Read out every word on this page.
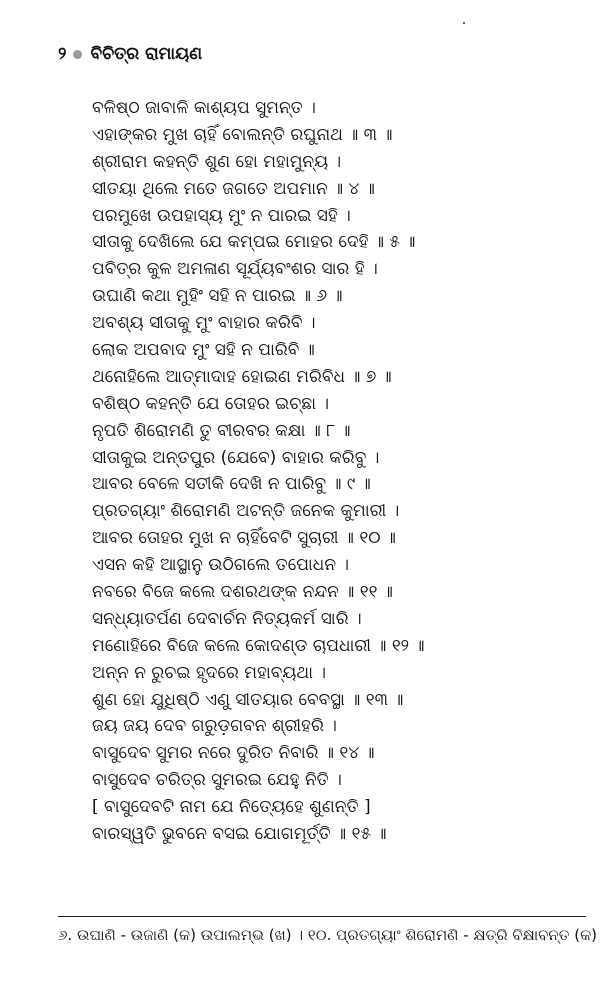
୨ ବିଚିତ୍ର ରାମାୟଣ
ବଳିଷ୍ଠ ଜାବାଳି କାଶ୍ୟପ ସୁମନ୍ତ ।
ଏହାଙ୍କର ମୁଖ ଚାହିଁ ବୋଲନ୍ତି ରଘୁନାଥ ॥ ୩ ॥
ଶ୍ରୀରାମ କହନ୍ତି ଶୁଣ ହୋ ମହାମୁନ୍ୟ ।
ସୀତୟା ଥିଲେ ମତେ ଜଗତେ ଅପମାନ ॥ ୪ ॥
ପରମୁଖେ ଉପହାସ୍ୟ ମୁଂ ନ ପାରଇ ସହି ।
ସୀତାକୁ ଦେଖିଲେ ଯେ କମ୍ପଇ ମୋହର ଦେହି ॥ ୫ ॥
ପବିତ୍ର କୁଳ ଅମଳାଣ ସୂର୍ଯ୍ୟବଂଶର ସାର ହି ।
ଉଘାଣି କଥା ମୁହିଂ ସହି ନ ପାରଇ ॥ ୬ ॥
ଅବଶ୍ୟ ସୀତାକୁ ମୁଂ ବାହାର କରିବି ।
ଲୋକ ଅପବାଦ ମୁଂ ସହି ନ ପାରିବି ॥
ଥନୋହିଲେ ଆତ୍ମାଦାହ ହୋଇଣ ମରିବିଧ ॥ ୭ ॥
ବଶିଷ୍ଠ କହନ୍ତି ଯେ ତୋହର ଇଚ୍ଛା ।
ନୃପତି ଶିରୋମଣି ତୁ ବୀରବର କକ୍ଷା ॥ ୮ ॥
ସୀତାକୁଇ ଅନ୍ତପୁର (ଯେବେ) ବାହାର କରିବୁ ।
ଆବର ବେଳେ ସତୀକି ଦେଖି ନ ପାରିବୁ ॥ ୯ ॥
ପ୍ରତଗ୍ୟାଂ ଶିରୋମଣି ଅଟନ୍ତି ଜନେକ କୁମାରୀ ।
ଆବର ତୋହର ମୁଖ ନ ଚାହିଁବେଟି ସୁଚାରୀ ॥ ୧୦ ॥
ଏସନ କହି ଆସ୍ଥାନୁ ଉଠିଗଲେ ତପୋଧନ ।
ନବରେ ବିଜେ କଲେ ଦଶରଥଙ୍କ ନନ୍ଦନ ॥ ୧୧ ॥
ସନ୍ଧ୍ୟାତର୍ପଣ ଦେବାର୍ଚନ ନିତ୍ୟକର୍ମ ସାରି ।
ମଣୋହିରେ ବିଜେ କଲେ କୋଦଣ୍ଡ ଚାପଧାରୀ ॥ ୧୨ ॥
ଅନ୍ନ ନ ରୁଚଇ ହୃଦରେ ମହାବ୍ୟଥା ।
ଶୁଣ ହୋ ଯୁଧିଷ୍ଠି ଏଣୁ ସୀତୟାର ବେବସ୍ଥା ॥ ୧୩ ॥
ଜୟ ଜୟ ଦେବ ଗରୁଡ଼ଗବନ ଶ୍ରୀହରି ।
ବାସୁଦେବ ସୁମର ନରେ ଦୁରିତ ନିବାରି ॥ ୧୪ ॥
ବାସୁଦେବ ଚରିତ୍ର ସୁମରଇ ଯେହୁ ନିତି ।
[ ବାସୁଦେବଟି ନାମ ଯେ ନିତ୍ୟେହେ ଶୁଣନ୍ତି ]
ବାରସ୍ୱତି ଭୁବନେ ବସଇ ଯୋଗମୂର୍ତ୍ତି ॥ ୧୫ ॥
୬. ଉଘାଣି - ଉଜାଣି (କ) ଉପାଲମ୍ଭ (ଖ) । ୧୦. ପ୍ରତଗ୍ୟାଂ ଶିରୋମଣି - କ୍ଷତ୍ରି ବିକ୍ଷାବନ୍ତ (କ)
